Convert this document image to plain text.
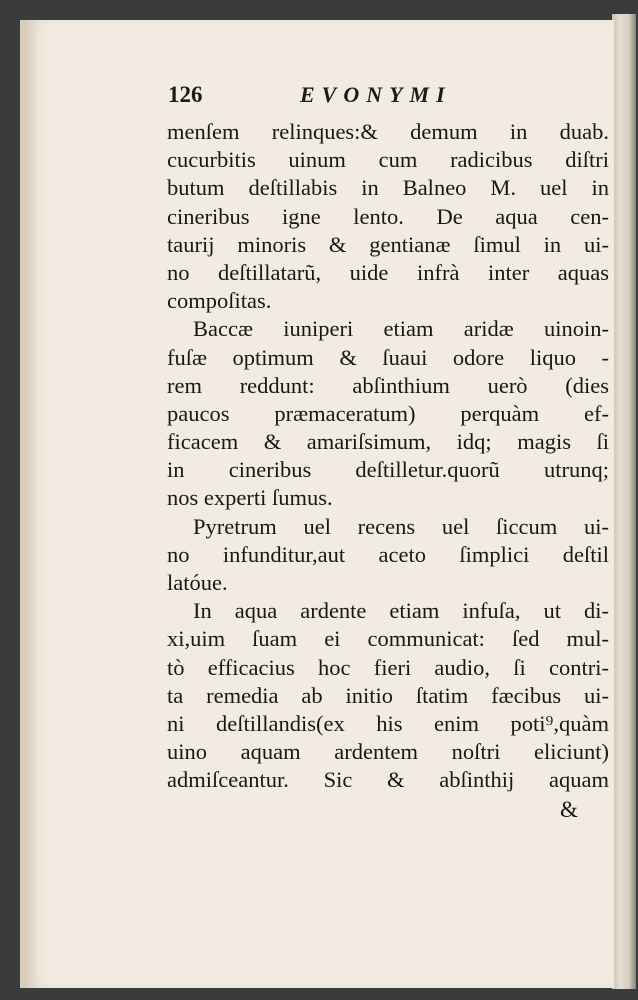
126	EVONYMI
menſem relinques:& demum in duab.
cucurbitis uinum cum radicibus diſtri
butum deſtillabis in Balneo M. uel in
cineribus igne lento. De aqua cen-
taurij minoris & gentianæ ſimul in ui-
no deſtillatarũ, uide infrà inter aquas
compoſitas.
Baccæ iuniperi etiam aridæ uinoin-
fuſæ optimum & ſuaui odore liquo -
rem reddunt: abſinthium uerò (dies
paucos præmaceratum) perquàm ef-
ficacem & amariſsimum, idq; magis ſi
in cineribus deſtilletur.quorũ utrunq;
nos experti ſumus.
Pyretrum uel recens uel ſiccum ui-
no infunditur,aut aceto ſimplici deſtil
latóue.
In aqua ardente etiam infuſa, ut di-
xi,uim ſuam ei communicat: ſed mul-
tò efficacius hoc fieri audio, ſi contri-
ta remedia ab initio ſtatim fæcibus ui-
ni deſtillandis(ex his enim poti⁹,quàm
uino aquam ardentem noſtri eliciunt)
admiſceantur. Sic & abſinthij aquam
&
